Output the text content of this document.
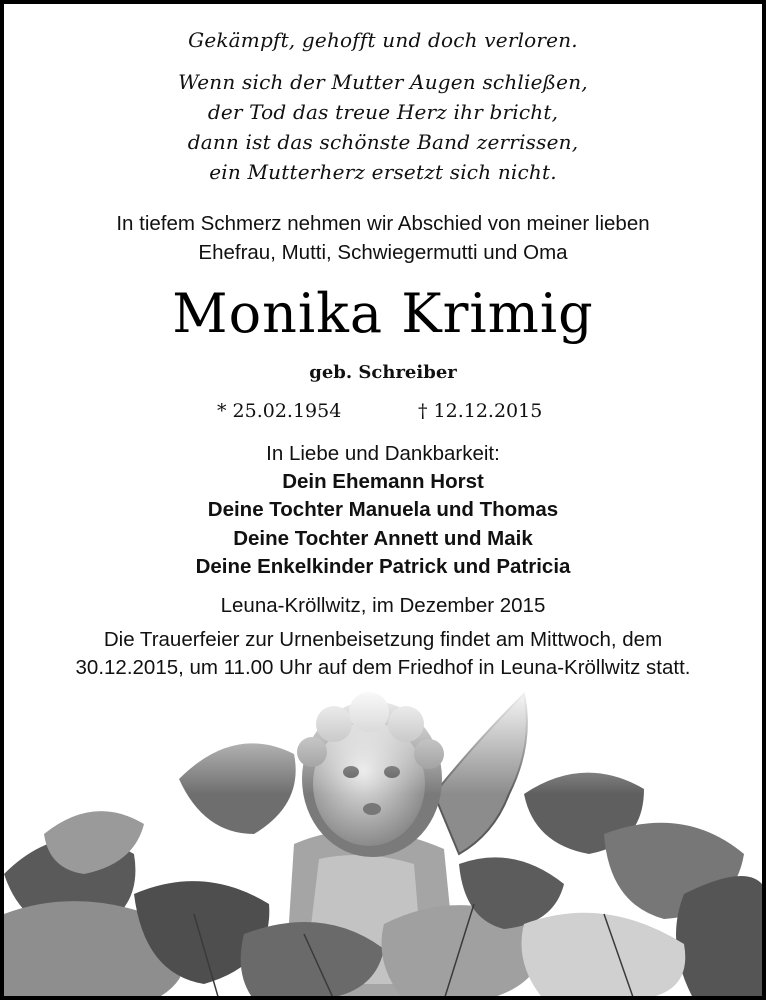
Gekämpft, gehofft und doch verloren.
Wenn sich der Mutter Augen schließen,
der Tod das treue Herz ihr bricht,
dann ist das schönste Band zerrissen,
ein Mutterherz ersetzt sich nicht.
In tiefem Schmerz nehmen wir Abschied von meiner lieben
Ehefrau, Mutti, Schwiegermutti und Oma
Monika Krimig
geb. Schreiber
* 25.02.1954	† 12.12.2015
In Liebe und Dankbarkeit:
Dein Ehemann Horst
Deine Tochter Manuela und Thomas
Deine Tochter Annett und Maik
Deine Enkelkinder Patrick und Patricia
Leuna-Kröllwitz, im Dezember 2015
Die Trauerfeier zur Urnenbeisetzung findet am Mittwoch, dem
30.12.2015, um 11.00 Uhr auf dem Friedhof in Leuna-Kröllwitz statt.
